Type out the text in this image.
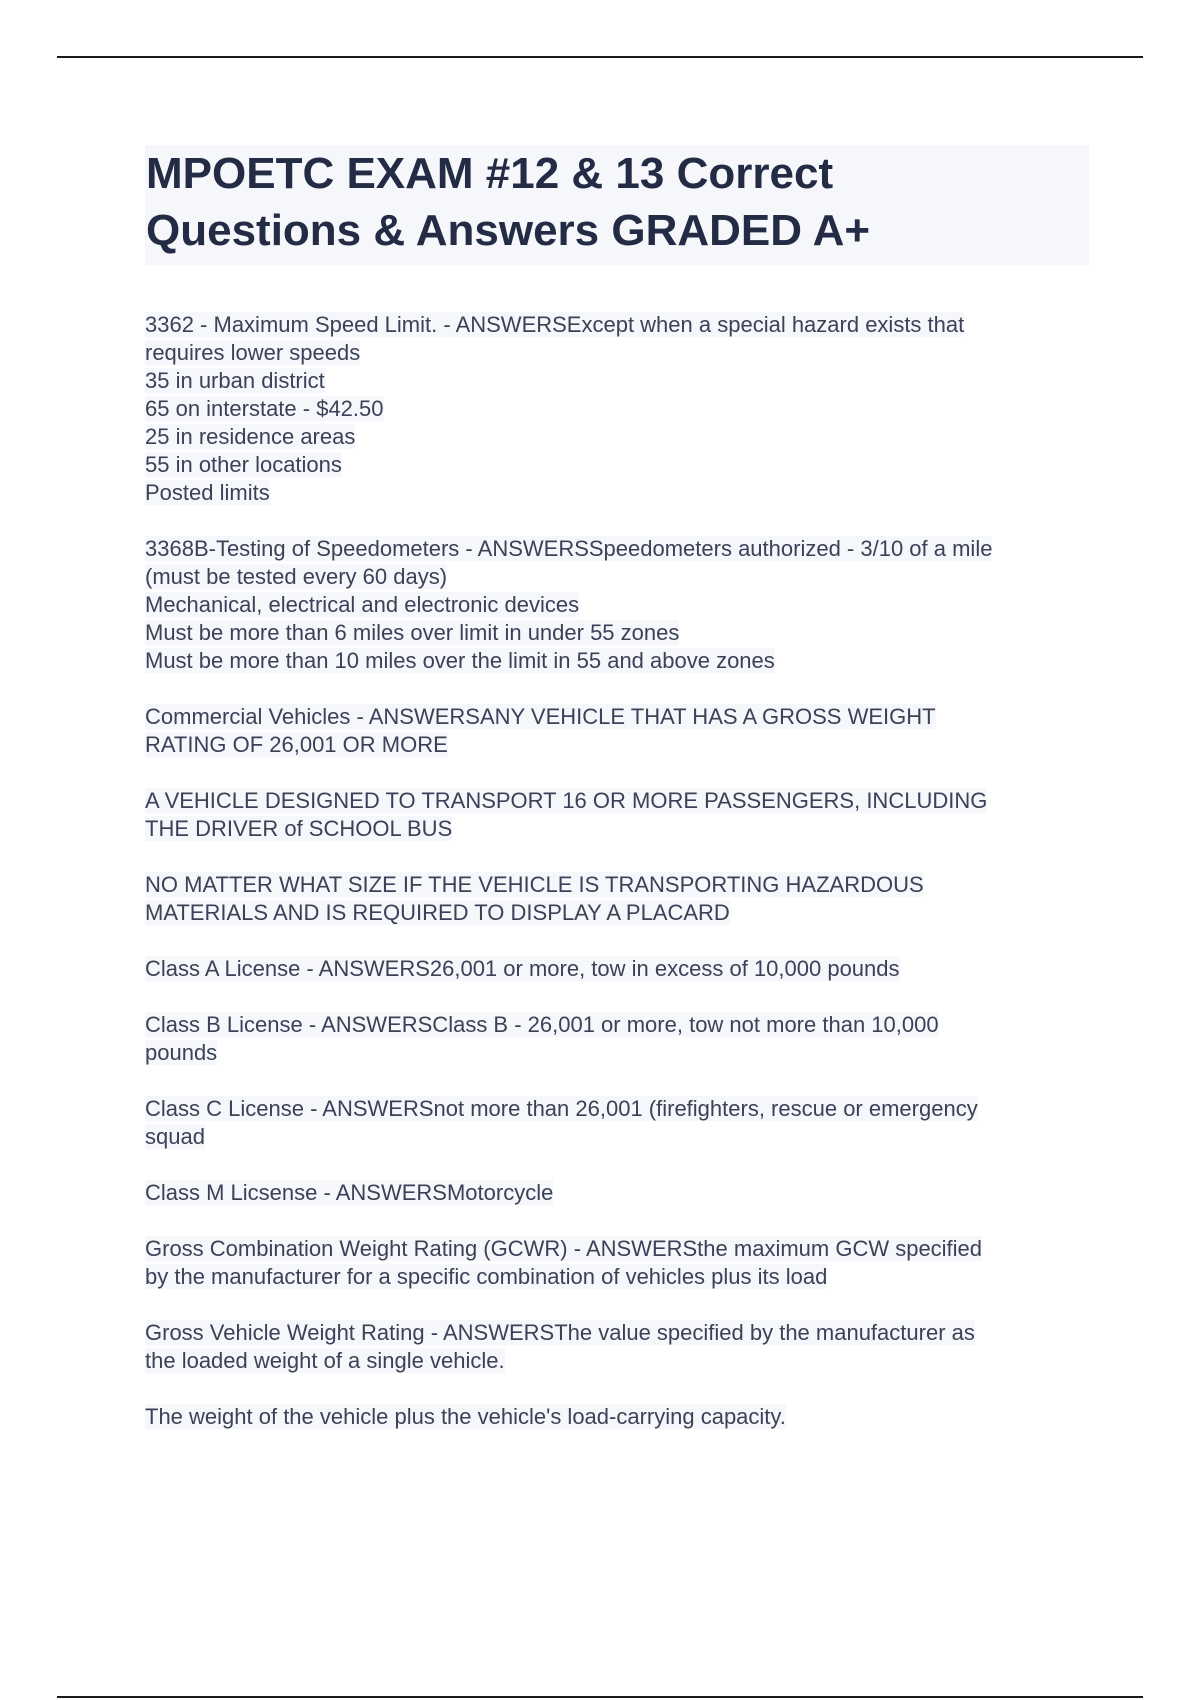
MPOETC EXAM #12 & 13 Correct
Questions & Answers GRADED A+
3362 - Maximum Speed Limit. - ANSWERSExcept when a special hazard exists that
requires lower speeds
35 in urban district
65 on interstate - $42.50
25 in residence areas
55 in other locations
Posted limits
3368B-Testing of Speedometers - ANSWERSSpeedometers authorized - 3/10 of a mile
(must be tested every 60 days)
Mechanical, electrical and electronic devices
Must be more than 6 miles over limit in under 55 zones
Must be more than 10 miles over the limit in 55 and above zones
Commercial Vehicles - ANSWERSANY VEHICLE THAT HAS A GROSS WEIGHT
RATING OF 26,001 OR MORE
A VEHICLE DESIGNED TO TRANSPORT 16 OR MORE PASSENGERS, INCLUDING
THE DRIVER of SCHOOL BUS
NO MATTER WHAT SIZE IF THE VEHICLE IS TRANSPORTING HAZARDOUS
MATERIALS AND IS REQUIRED TO DISPLAY A PLACARD
Class A License - ANSWERS26,001 or more, tow in excess of 10,000 pounds
Class B License - ANSWERSClass B - 26,001 or more, tow not more than 10,000
pounds
Class C License - ANSWERSnot more than 26,001 (firefighters, rescue or emergency
squad
Class M Licsense - ANSWERSMotorcycle
Gross Combination Weight Rating (GCWR) - ANSWERSthe maximum GCW specified
by the manufacturer for a specific combination of vehicles plus its load
Gross Vehicle Weight Rating - ANSWERSThe value specified by the manufacturer as
the loaded weight of a single vehicle.
The weight of the vehicle plus the vehicle's load-carrying capacity.
